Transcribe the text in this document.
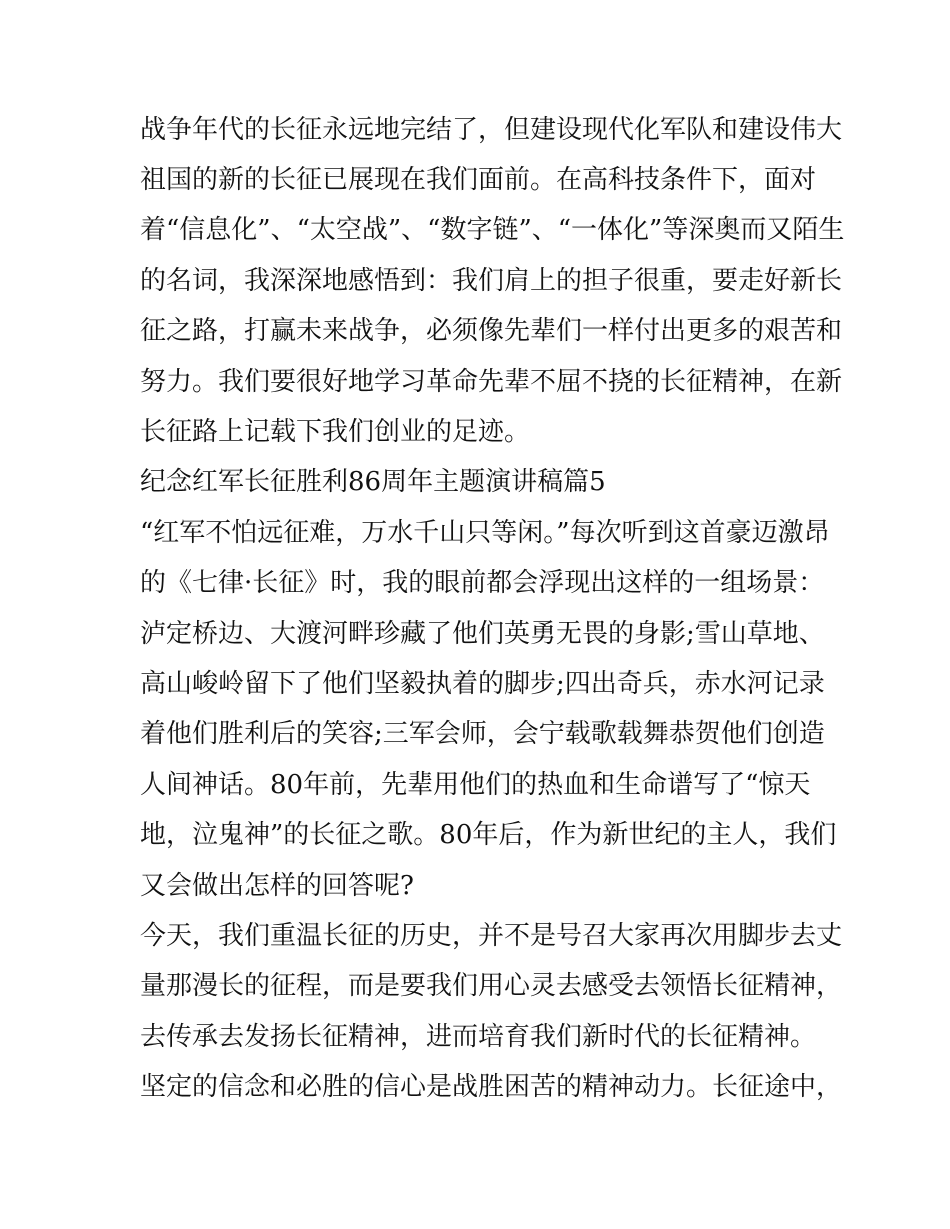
战争年代的长征永远地完结了，但建设现代化军队和建设伟大
祖国的新的长征已展现在我们面前。在高科技条件下，面对
着“信息化”、“太空战”、“数字链”、“一体化”等深奥而又陌生
的名词，我深深地感悟到：我们肩上的担子很重，要走好新长
征之路，打赢未来战争，必须像先辈们一样付出更多的艰苦和
努力。我们要很好地学习革命先辈不屈不挠的长征精神，在新
长征路上记载下我们创业的足迹。
纪念红军长征胜利86周年主题演讲稿篇5
“红军不怕远征难，万水千山只等闲。”每次听到这首豪迈激昂
的《七律·长征》时，我的眼前都会浮现出这样的一组场景：
泸定桥边、大渡河畔珍藏了他们英勇无畏的身影;雪山草地、
高山峻岭留下了他们坚毅执着的脚步;四出奇兵，赤水河记录
着他们胜利后的笑容;三军会师，会宁载歌载舞恭贺他们创造
人间神话。80年前，先辈用他们的热血和生命谱写了“惊天
地，泣鬼神”的长征之歌。80年后，作为新世纪的主人，我们
又会做出怎样的回答呢?
今天，我们重温长征的历史，并不是号召大家再次用脚步去丈
量那漫长的征程，而是要我们用心灵去感受去领悟长征精神，
去传承去发扬长征精神，进而培育我们新时代的长征精神。
坚定的信念和必胜的信心是战胜困苦的精神动力。长征途中，
